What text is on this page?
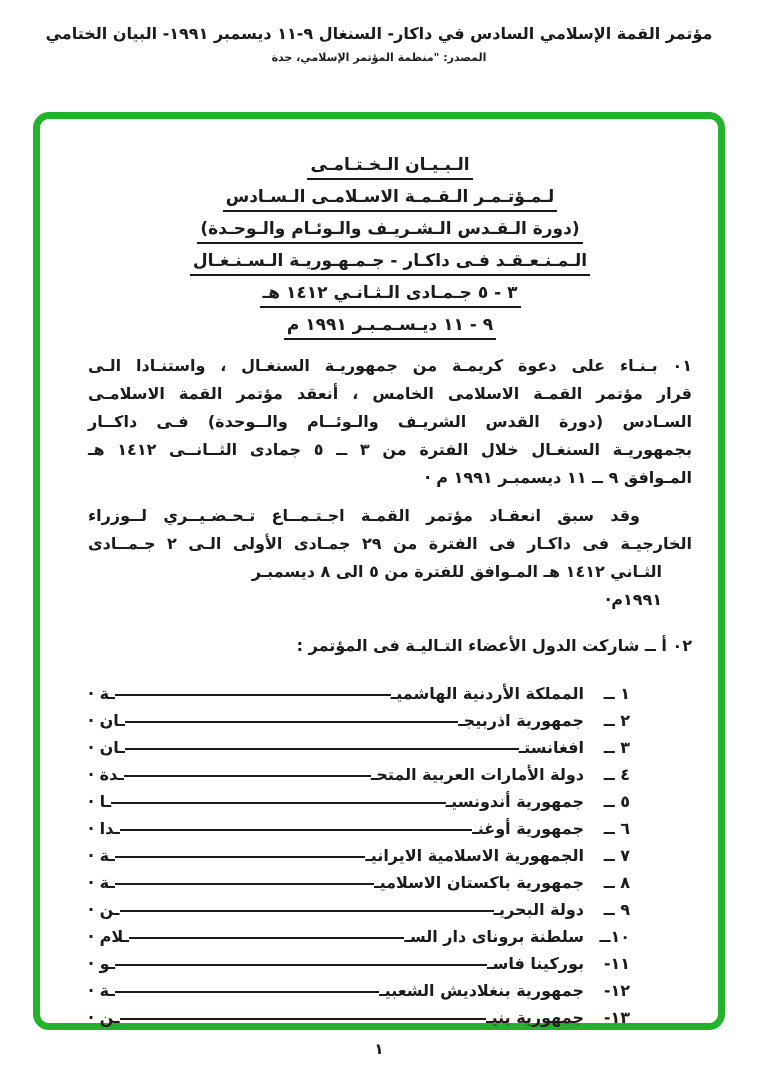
مؤتمر القمة الإسلامي السادس في داكار- السنغال ٩-١١ ديسمبر ١٩٩١- البيان الختامي
المصدر: "منظمة المؤتمر الإسلامي، جدة
الـبـيـان الـخـتـامـى
لـمـؤتـمـر الـقـمـة الاسـلامـى الـسـادس
(دورة الـقـدس الـشـريـف والـوئـام والـوحـدة)
الـمـنـعـقـد فـى داكـار - جـمـهـوريـة الـسـنـغـال
٣ - ٥ جـمـادى الـثـانـي ١٤١٢ هـ
٩ - ١١ ديـسـمـبـر ١٩٩١ م
٠١ بـنـاء على دعوة كريمـة من جمهوريـة السنغـال ، واستنـادا الـى
قرار مؤتمر القمـة الاسلامى الخامس ، أنعقد مؤتمر القمة الاسلامـى
السـادس (دورة القدس الشريـف والـوئــام والــوحدة) فـى داكــار
بجمهوريـة السنغـال خلال الفترة من ٣ ــ ٥ جمادى الثــانــى ١٤١٢ هـ
المـوافق ٩ ــ ١١ ديسمبـر ١٩٩١ م ·
وقد سبق انعقـاد مؤتمر القمـة اجـتـمــاع تـحـضـيــري لــوزراء
الخارجيـة فى داكـار فى الفترة من ٢٩ جمـادى الأولى الـى ٢ جـمــادى
الثـاني ١٤١٢ هـ المـوافق للفترة من ٥ الى ٨ ديسمبـر ١٩٩١م·
٠٢ أ ــ شاركت الدول الأعضاء التـاليـة فى المؤتمر :
١ ــ
المملكة الأردنية الهاشميـ
ـة ·
٢ ــ
جمهورية اذربيجـ
ـان ·
٣ ــ
افغانستـ
ـان ·
٤ ــ
دولة الأمارات العربية المتحـ
ـدة ·
٥ ــ
جمهورية أندونسيـ
ـا ·
٦ ــ
جمهورية أوغنـ
ـدا ·
٧ ــ
الجمهورية الاسلامية الايرانيـ
ـة ·
٨ ــ
جمهورية باكستان الاسلاميـ
ـة ·
٩ ــ
دولة البحريـ
ـن ·
١٠ــ
سلطنة بروناى دار السـ
ـلام ·
١١-
بوركينا فاسـ
ـو ·
١٢-
جمهورية بنغلاديش الشعبيـ
ـة ·
١٣-
جمهورية بنيـ
ـن ·
١
